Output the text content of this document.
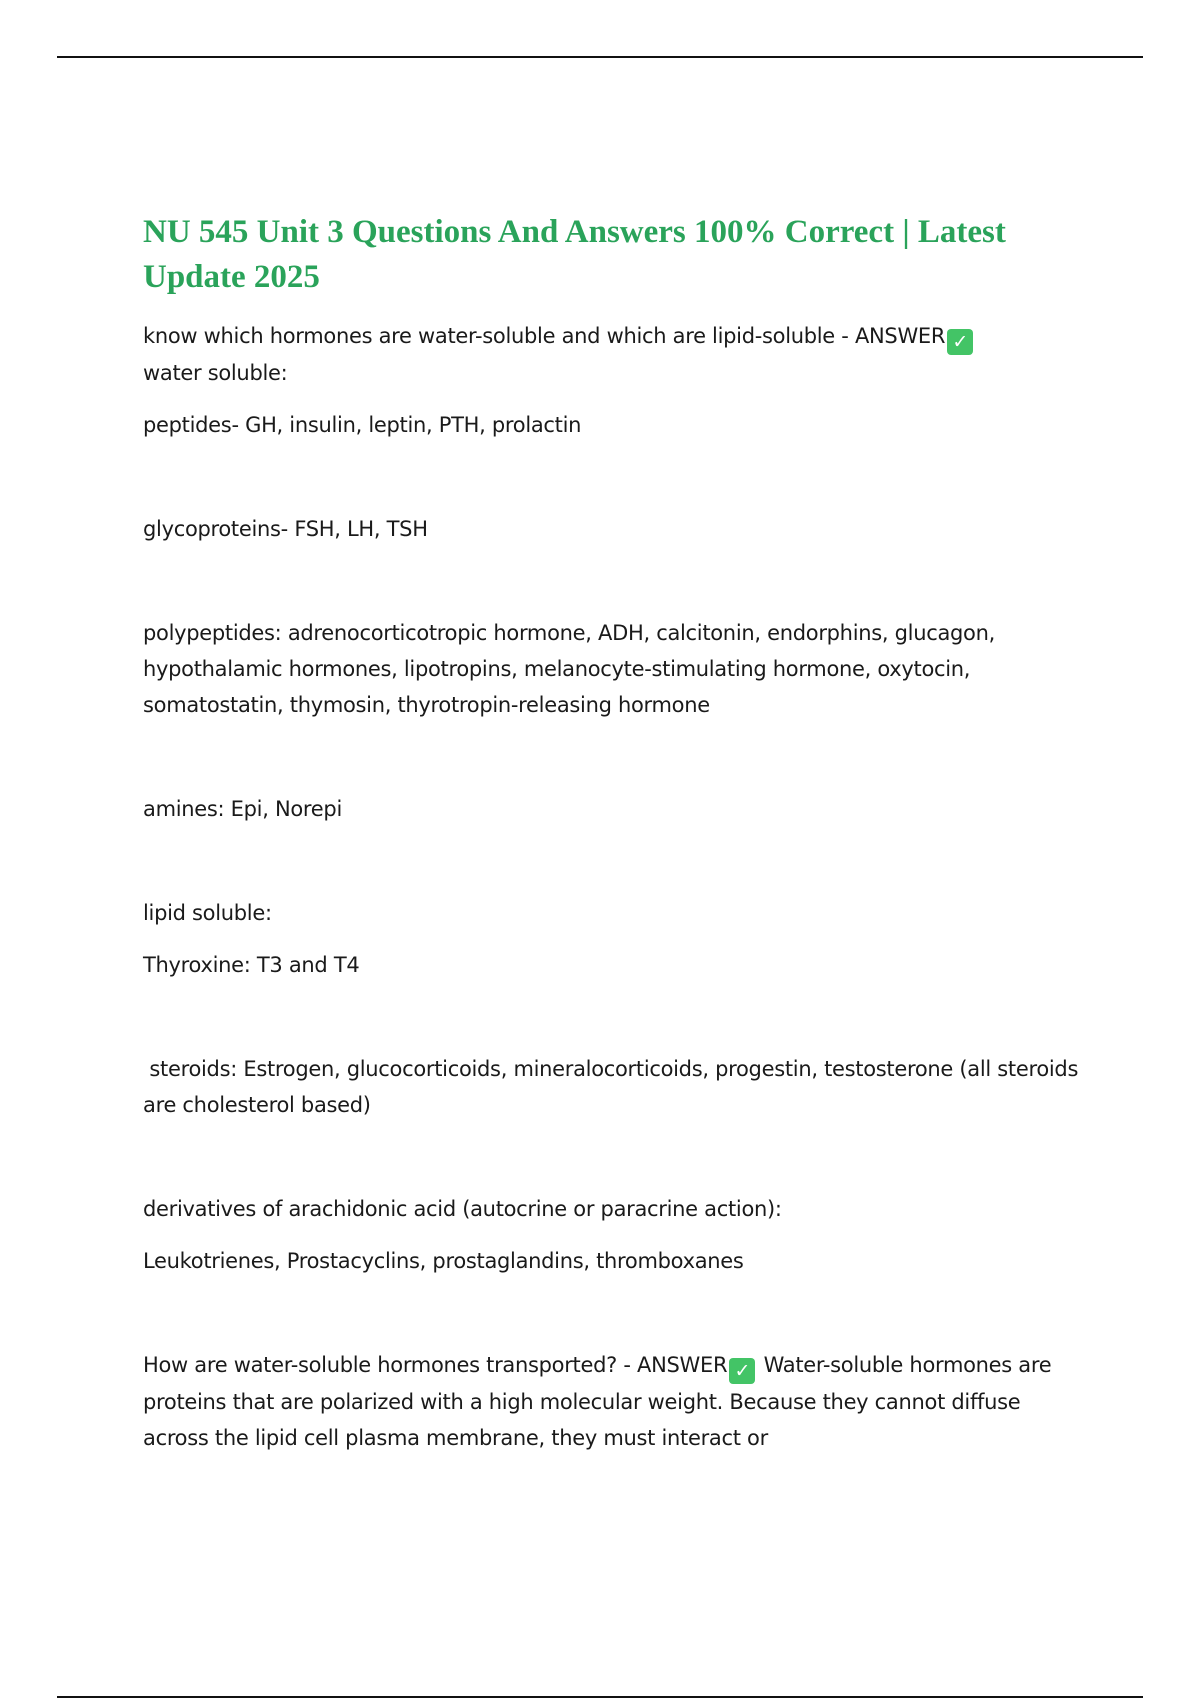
NU 545 Unit 3 Questions And Answers 100% Correct | Latest Update 2025

know which hormones are water-soluble and which are lipid-soluble - ANSWER ✓
water soluble:

peptides- GH, insulin, leptin, PTH, prolactin

glycoproteins- FSH, LH, TSH

polypeptides: adrenocorticotropic hormone, ADH, calcitonin, endorphins, glucagon, hypothalamic hormones, lipotropins, melanocyte-stimulating hormone, oxytocin, somatostatin, thymosin, thyrotropin-releasing hormone

amines: Epi, Norepi

lipid soluble:

Thyroxine: T3 and T4

steroids: Estrogen, glucocorticoids, mineralocorticoids, progestin, testosterone (all steroids are cholesterol based)

derivatives of arachidonic acid (autocrine or paracrine action):

Leukotrienes, Prostacyclins, prostaglandins, thromboxanes

How are water-soluble hormones transported? - ANSWER ✓ Water-soluble hormones are proteins that are polarized with a high molecular weight. Because they cannot diffuse across the lipid cell plasma membrane, they must interact or
